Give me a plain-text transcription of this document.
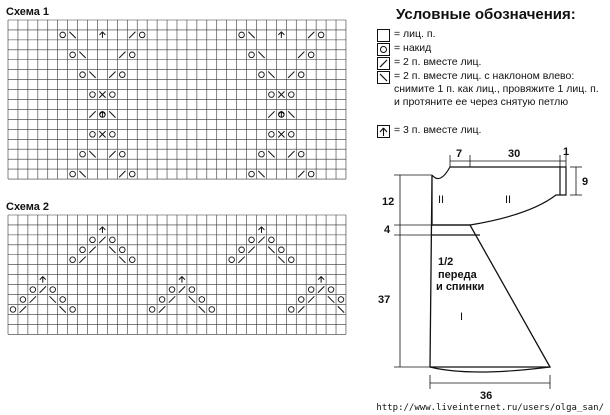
Схема 1
Схема 2
Условные обозначения:
= лиц. п.
= накид
= 2 п. вместе лиц.
= 2 п. вместе лиц. с наклоном влево: снимите 1 п. как лиц., провяжите 1 лиц. п. и протяните ее через снятую петлю
= 3 п. вместе лиц.
7	30	1
9
12
4
37
36
II	II
1/2
переда
и спинки
I
http://www.liveinternet.ru/users/olga_san/
